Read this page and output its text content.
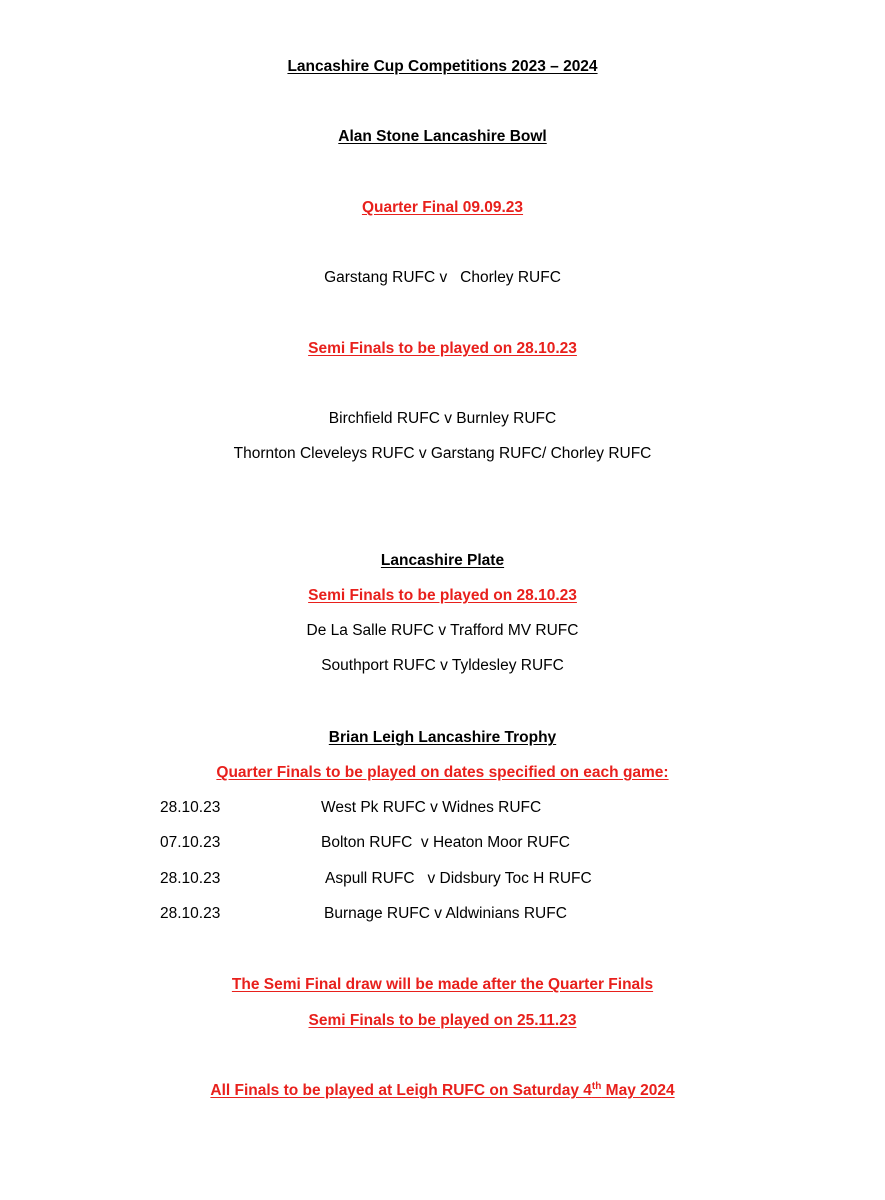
Lancashire Cup Competitions 2023 – 2024
Alan Stone Lancashire Bowl
Quarter Final 09.09.23
Garstang RUFC v   Chorley RUFC
Semi Finals to be played on 28.10.23
Birchfield RUFC v Burnley RUFC
Thornton Cleveleys RUFC v Garstang RUFC/ Chorley RUFC
Lancashire Plate
Semi Finals to be played on 28.10.23
De La Salle RUFC v Trafford MV RUFC
Southport RUFC v Tyldesley RUFC
Brian Leigh Lancashire Trophy
Quarter Finals to be played on dates specified on each game:
28.10.23	West Pk RUFC v Widnes RUFC
07.10.23	Bolton RUFC  v Heaton Moor RUFC
28.10.23	Aspull RUFC   v Didsbury Toc H RUFC
28.10.23	Burnage RUFC v Aldwinians RUFC
The Semi Final draw will be made after the Quarter Finals
Semi Finals to be played on 25.11.23
All Finals to be played at Leigh RUFC on Saturday 4th May 2024
